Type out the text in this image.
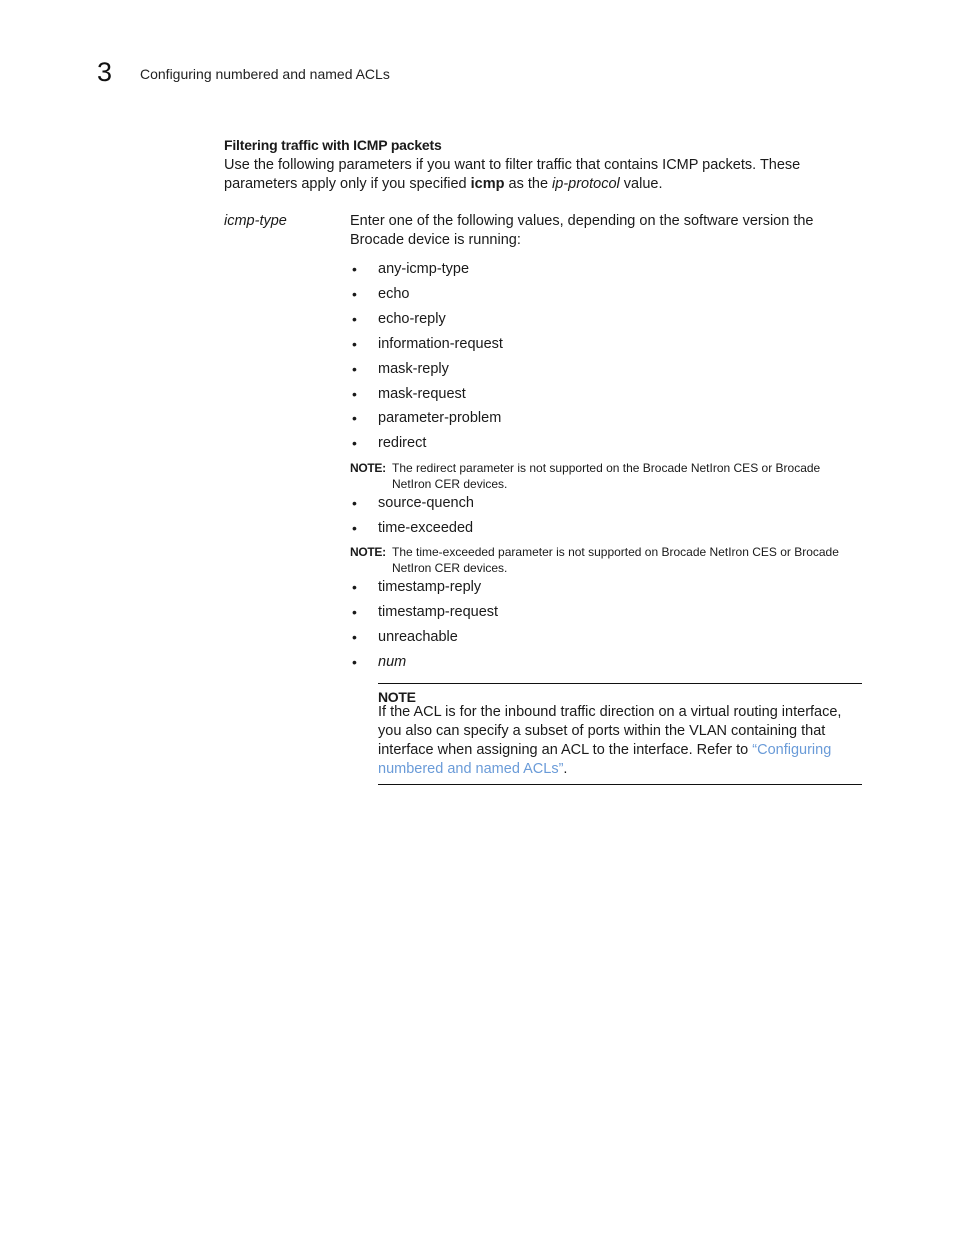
3 Configuring numbered and named ACLs
Filtering traffic with ICMP packets
Use the following parameters if you want to filter traffic that contains ICMP packets. These parameters apply only if you specified icmp as the ip-protocol value.
icmp-type	Enter one of the following values, depending on the software version the Brocade device is running:
• any-icmp-type
• echo
• echo-reply
• information-request
• mask-reply
• mask-request
• parameter-problem
• redirect
NOTE: The redirect parameter is not supported on the Brocade NetIron CES or Brocade NetIron CER devices.
• source-quench
• time-exceeded
NOTE: The time-exceeded parameter is not supported on Brocade NetIron CES or Brocade NetIron CER devices.
• timestamp-reply
• timestamp-request
• unreachable
• num
NOTE
If the ACL is for the inbound traffic direction on a virtual routing interface, you also can specify a subset of ports within the VLAN containing that interface when assigning an ACL to the interface. Refer to “Configuring numbered and named ACLs”.
